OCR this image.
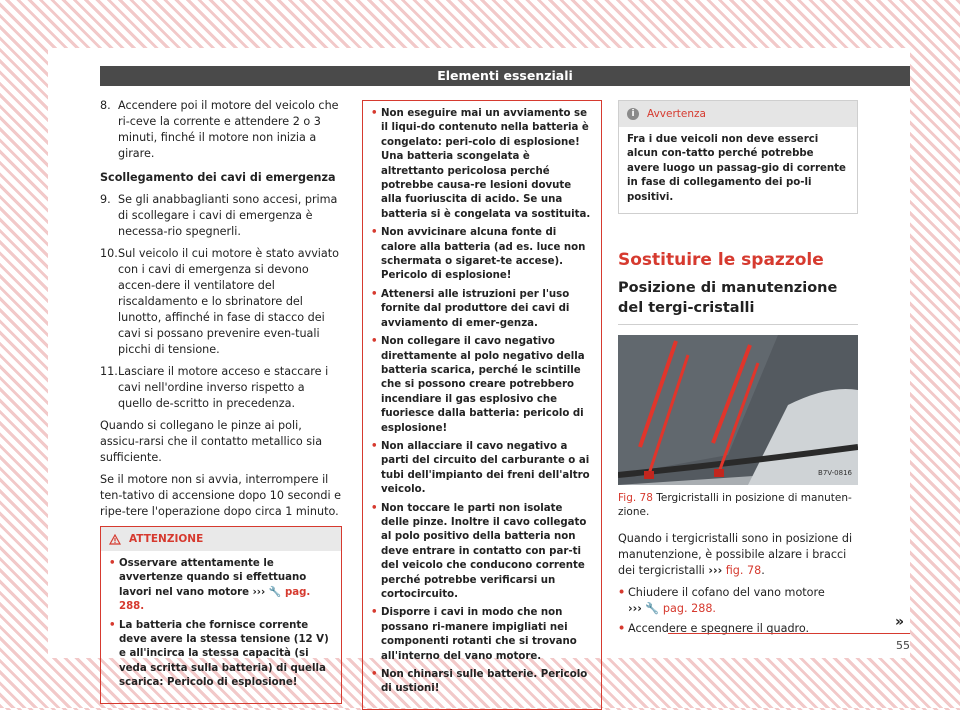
Elementi essenziali
8. Accendere poi il motore del veicolo che ri-ceve la corrente e attendere 2 o 3 minuti, finché il motore non inizia a girare.
Scollegamento dei cavi di emergenza
9. Se gli anabbaglianti sono accesi, prima di scollegare i cavi di emergenza è necessa-rio spegnerli.
10. Sul veicolo il cui motore è stato avviato con i cavi di emergenza si devono accen-dere il ventilatore del riscaldamento e lo sbrinatore del lunotto, affinché in fase di stacco dei cavi si possano prevenire even-tuali picchi di tensione.
11. Lasciare il motore acceso e staccare i cavi nell'ordine inverso rispetto a quello de-scritto in precedenza.

Quando si collegano le pinze ai poli, assicu-rarsi che il contatto metallico sia sufficiente.

Se il motore non si avvia, interrompere il ten-tativo di accensione dopo 10 secondi e ripe-tere l'operazione dopo circa 1 minuto.

ATTENZIONE
• Osservare attentamente le avvertenze quando si effettuano lavori nel vano motore ››› 🔧 pag. 288.
• La batteria che fornisce corrente deve avere la stessa tensione (12 V) e all'incirca la stessa capacità (si veda scritta sulla batteria) di quella scarica: Pericolo di esplosione!
• Non eseguire mai un avviamento se il liqui-do contenuto nella batteria è congelato: peri-colo di esplosione! Una batteria scongelata è altrettanto pericolosa perché potrebbe causa-re lesioni dovute alla fuoriuscita di acido. Se una batteria si è congelata va sostituita.
• Non avvicinare alcuna fonte di calore alla batteria (ad es. luce non schermata o sigaret-te accese). Pericolo di esplosione!
• Attenersi alle istruzioni per l'uso fornite dal produttore dei cavi di avviamento di emer-genza.
• Non collegare il cavo negativo direttamente al polo negativo della batteria scarica, perché le scintille che si possono creare potrebbero incendiare il gas esplosivo che fuoriesce dalla batteria: pericolo di esplosione!
• Non allacciare il cavo negativo a parti del circuito del carburante o ai tubi dell'impianto dei freni dell'altro veicolo.
• Non toccare le parti non isolate delle pinze. Inoltre il cavo collegato al polo positivo della batteria non deve entrare in contatto con par-ti del veicolo che conducono corrente perché potrebbe verificarsi un cortocircuito.
• Disporre i cavi in modo che non possano ri-manere impigliati nei componenti rotanti che si trovano all'interno del vano motore.
• Non chinarsi sulle batterie. Pericolo di ustioni!
i	Avvertenza
Fra i due veicoli non deve esserci alcun con-tatto perché potrebbe avere luogo un passag-gio di corrente in fase di collegamento dei po-li positivi.
Sostituire le spazzole
Posizione di manutenzione del tergi-cristalli
B7V-0816
Fig. 78 Tergicristalli in posizione di manuten-zione.

Quando i tergicristalli sono in posizione di manutenzione, è possibile alzare i bracci dei tergicristalli ››› fig. 78.

• Chiudere il cofano del vano motore
››› 🔧 pag. 288.
• Accendere e spegnere il quadro.	»
55
